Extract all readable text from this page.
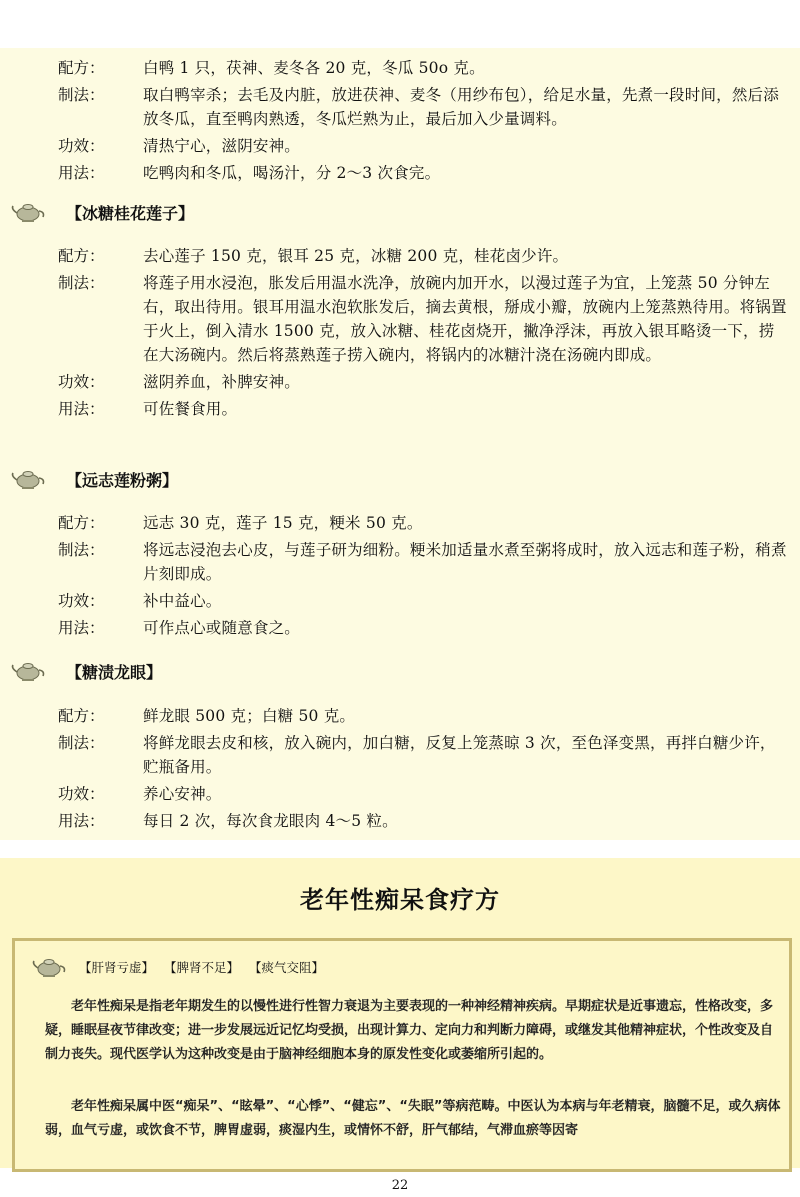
配方：	白鸭 1 只，茯神、麦冬各 20 克，冬瓜 50o 克。
制法：	取白鸭宰杀；去毛及内脏，放进茯神、麦冬（用纱布包），给足水量，先煮一段时间，然后添放冬瓜，直至鸭肉熟透，冬瓜烂熟为止，最后加入少量调料。
功效：	清热宁心，滋阴安神。
用法：	吃鸭肉和冬瓜，喝汤汁，分 2～3 次食完。
【冰糖桂花莲子】
配方：	去心莲子 150 克，银耳 25 克，冰糖 200 克，桂花卤少许。
制法：	将莲子用水浸泡，胀发后用温水洗净，放碗内加开水，以漫过莲子为宜，上笼蒸 50 分钟左右，取出待用。银耳用温水泡软胀发后，摘去黄根，掰成小瓣，放碗内上笼蒸熟待用。将锅置于火上，倒入清水 1500 克，放入冰糖、桂花卤烧开，撇净浮沫，再放入银耳略烫一下，捞在大汤碗内。然后将蒸熟莲子捞入碗内，将锅内的冰糖汁浇在汤碗内即成。
功效：	滋阴养血，补脾安神。
用法：	可佐餐食用。
【远志莲粉粥】
配方：	远志 30 克，莲子 15 克，粳米 50 克。
制法：	将远志浸泡去心皮，与莲子研为细粉。粳米加适量水煮至粥将成时，放入远志和莲子粉，稍煮片刻即成。
功效：	补中益心。
用法：	可作点心或随意食之。
【糖渍龙眼】
配方：	鲜龙眼 500 克；白糖 50 克。
制法：	将鲜龙眼去皮和核，放入碗内，加白糖，反复上笼蒸晾 3 次，至色泽变黑，再拌白糖少许，贮瓶备用。
功效：	养心安神。
用法：	每日 2 次，每次食龙眼肉 4～5 粒。
老年性痴呆食疗方
【肝肾亏虚】 【脾肾不足】 【痰气交阻】
　　老年性痴呆是指老年期发生的以慢性进行性智力衰退为主要表现的一种神经精神疾病。早期症状是近事遗忘，性格改变，多疑，睡眠昼夜节律改变；进一步发展远近记忆均受损，出现计算力、定向力和判断力障碍，或继发其他精神症状，个性改变及自制力丧失。现代医学认为这种改变是由于脑神经细胞本身的原发性变化或萎缩所引起的。
　　老年性痴呆属中医“痴呆”、“眩晕”、“心悸”、“健忘”、“失眠”等病范畴。中医认为本病与年老精衰，脑髓不足，或久病体弱，血气亏虚，或饮食不节，脾胃虚弱，痰湿内生，或情怀不舒，肝气郁结，气滞血瘀等因寄
22
